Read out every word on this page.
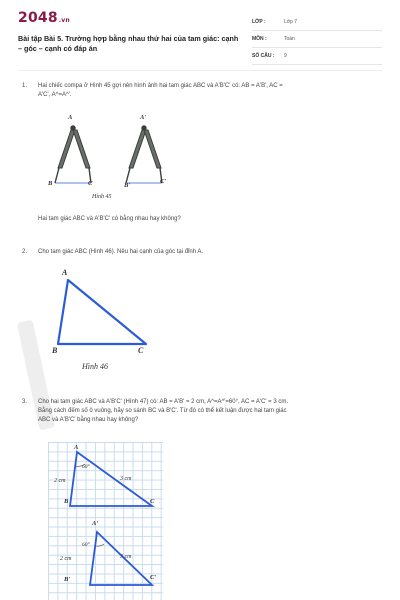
2048.vn
Bài tập Bài 5. Trường hợp bằng nhau thứ hai của tam giác: cạnh – góc – cạnh có đáp án
LỚP :	Lớp 7
MÔN :	Toán
SỐ CÂU : 9
1. Hai chiếc compa ở Hình 45 gợi nên hình ảnh hai tam giác ABC và A'B'C' có: AB = A'B', AC =
A'C', A^=A^'.
A
B	C
A'
B'
C'
Hình 45
Hai tam giác ABC và A'B'C' có bằng nhau hay không?
2. Cho tam giác ABC (Hình 46). Nêu hai cạnh của góc tại đỉnh A.
A
B	C
Hình 46
3. Cho hai tam giác ABC và A'B'C' (Hình 47) có: AB = A'B' = 2 cm, A^=A^'=60°, AC = A'C' = 3 cm.
Bằng cách đếm số ô vuông, hãy so sánh BC và B'C'. Từ đó có thể kết luận được hai tam giác
ABC và A'B'C' bằng nhau hay không?
A
60°
2 cm	3 cm
B	C
A'
60°
2 cm	3 cm
B'	C'
